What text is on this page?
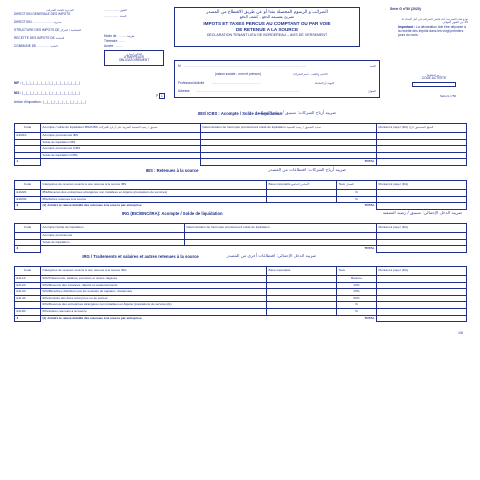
Série G n°50 (2020)
المديرية العامة للضرائب
DIRECTION GENERALE DES IMPOTS
DIRECTION ....................... مديرية
STRUCTURE DES IMPOTS DE المفتشية / المركز
RECETTE DES IMPOTS DE القباضة
COMMUNE DE .............. البلدية
................. الشهر
................. السنة
Mode de .......... طريقة
Trimestre ........
Année ..........
التذكير اجباري
A RAPPELER
OBLIGATOIREMENT
الضرائب و الرسوم المحصلة نقدا أو عن طريق الاقتطاع من المصدر
تصريح بقسيمة الدفع - كشف الدفع
IMPOTS ET TAXES PERCUS AU COMPTANT OU PAR VOIE
DE RETENUE A LA SOURCE
DECLARATION TENANT LIEU DE BORDEREAU – AVIS DE VERSEMENT
تودع هذه التصريحة لدى قابض الضرائب في أجل أقصاه الـ 20 من الشهر الموالي
Important : La déclaration doit être déposée à la recette des impôts dans les vingt premiers jours du mois.
M ..........................................................................................................................................	السيد
(raison sociale - nom et prénom)	(الاسم واللقب - اسم الشركة)
Profession/Activité ........................................................	المهنة أو النشاط
Adresse ......................................................................................................................	العنوان
رمز النشاط
CODE ACTIVITE
Série G n°50
NIF : |_|_|_|_|_|_|_|_|_|_|_|_|_|_|_|
NIS : |_|_|_|_|_|_|_|_|_|_|_|_|_|_|_|
Article d'imposition : |_|_|_|_|_|_|_|_|_|_|_|
P 1
IBS/ ICBS : Acompte / Solde de liquidation
ضريبة أرباح الشركات: تسبيق / رصيد التصفية
Code	Acompte / solde de liquidation IBS/ICBS تسبيق / رصيد التصفية الضريبة على أرباح الشركات	Détermination de l'acompte provisionnel/ solde de liquidation تحديد التسبيق / رصيد التصفية	Montant à payer (DA) المبلغ المستحق (دج)
E1M10	Acompte provisionnel IBS		
	Solde de liquidation IBS		
	Acompte provisionnel ICBS		
	Solde de liquidation ICBS		
1		TOTAL	
IBS : Retenues à la source	ضريبة أرباح الشركات: اقتطاعات من المصدر
Code	Catégories de revenus soumis à une retenue à la source IBS	Base imposable الأساس الخاضع	Taux المعدل	Montant à payer (DA)
E1M20	IBS/Revenus des entreprises étrangères non installées en Algérie (prestations de services)		%	
E1M30	IBS/Autres retenues à la source		%	
2	(1) Joindre le relevé détaillé des retenues à la source par entreprise		TOTAL	
IRG (BIC/BNC/IRA): Acompte / Solde de liquidation	ضريبة الدخل الإجمالي: تسبيق / رصيد التصفية
Code	Acompte/ Solde de liquidation	Détermination de l'acompte provisionnel/ solde de liquidation	Montant à payer (DA)
	Acompte provisionnel		
	Solde de liquidation		
3		TOTAL	
IRG / Traitements et salaires et autres retenues à la source	ضريبة الدخل الإجمالي: اقتطاعات أخرى من المصدر
Code	Catégories de revenus soumis à une retenue à la source IRG	Base imposable	Taux	Montant à payer (DA)
E1L10	IRG/Traitements, salaires, pensions et rentes viagères		Barème	
E1L20	IRG/Revenus des créances, dépôts et cautionnements		10%	
E1L30	IRG/Bénéfices distribués par les sociétés de capitaux, dividendes		15%	
E1L40	IRG/produits des titres anonymes ou au porteur		50%	
	IRG/Revenus des entreprises étrangères non installées en Algérie (prestations de services)(1)		%	
E1L80	IRG/Autres retenues à la source		%	
4	(1) Joindre le relevé détaillé des retenues à la source par entreprise		TOTAL	
1/6
